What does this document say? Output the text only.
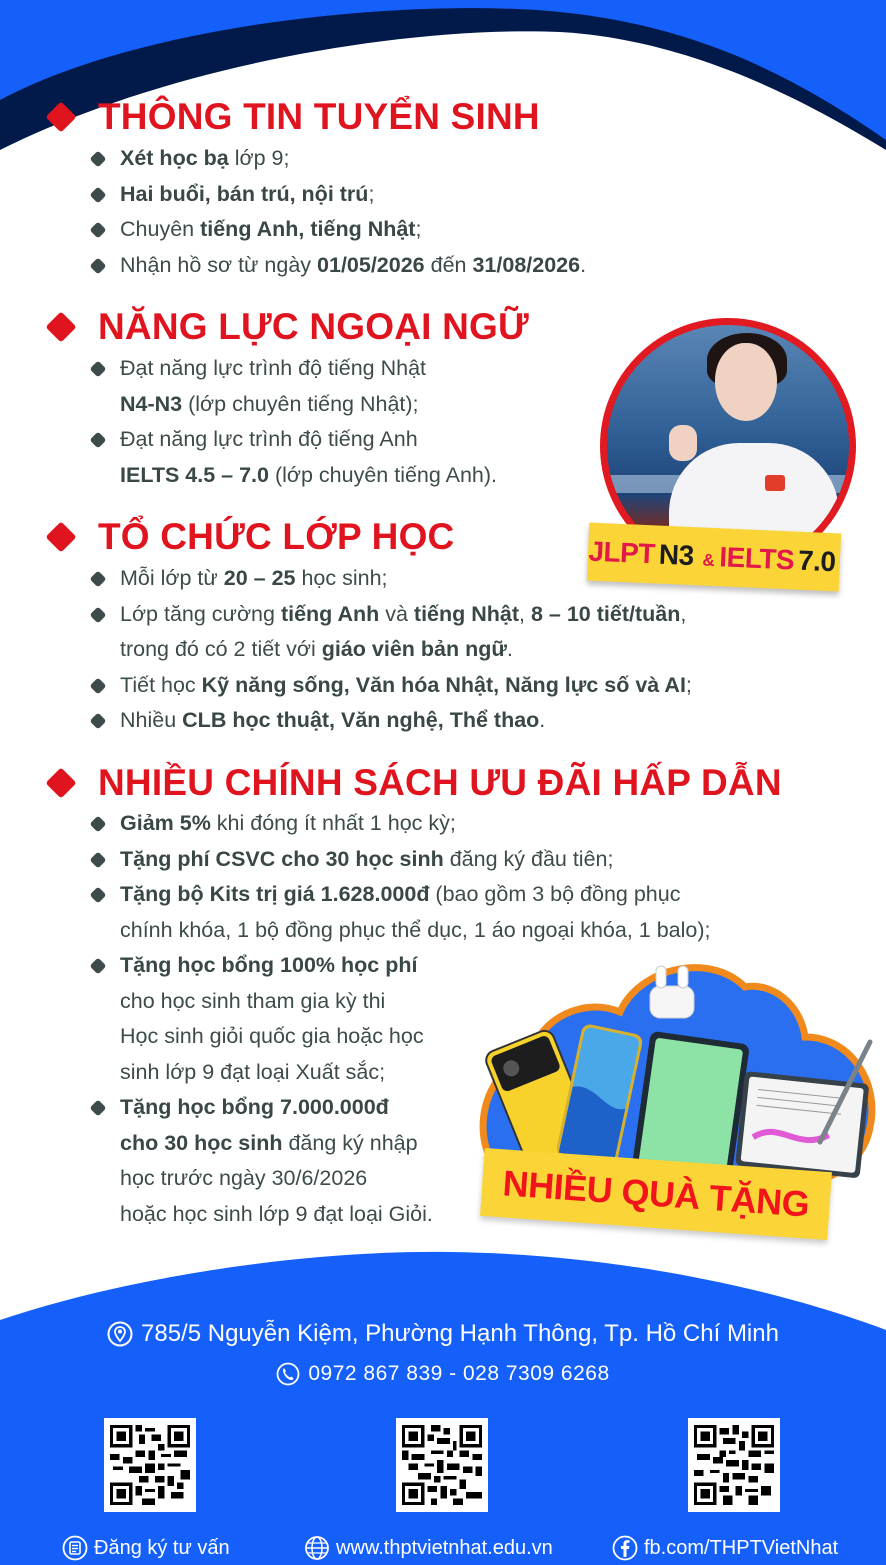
THÔNG TIN TUYỂN SINH
Xét học bạ lớp 9;
Hai buổi, bán trú, nội trú;
Chuyên tiếng Anh, tiếng Nhật;
Nhận hồ sơ từ ngày 01/05/2026 đến 31/08/2026.
NĂNG LỰC NGOẠI NGỮ
Đạt năng lực trình độ tiếng Nhật
N4-N3 (lớp chuyên tiếng Nhật);
Đạt năng lực trình độ tiếng Anh
IELTS 4.5 – 7.0 (lớp chuyên tiếng Anh).
JLPT N3 & IELTS 7.0
TỔ CHỨC LỚP HỌC
Mỗi lớp từ 20 – 25 học sinh;
Lớp tăng cường tiếng Anh và tiếng Nhật, 8 – 10 tiết/tuần,
trong đó có 2 tiết với giáo viên bản ngữ.
Tiết học Kỹ năng sống, Văn hóa Nhật, Năng lực số và AI;
Nhiều CLB học thuật, Văn nghệ, Thể thao.
NHIỀU CHÍNH SÁCH ƯU ĐÃI HẤP DẪN
Giảm 5% khi đóng ít nhất 1 học kỳ;
Tặng phí CSVC cho 30 học sinh đăng ký đầu tiên;
Tặng bộ Kits trị giá 1.628.000đ (bao gồm 3 bộ đồng phục
chính khóa, 1 bộ đồng phục thể dục, 1 áo ngoại khóa, 1 balo);
Tặng học bổng 100% học phí
cho học sinh tham gia kỳ thi
Học sinh giỏi quốc gia hoặc học
sinh lớp 9 đạt loại Xuất sắc;
Tặng học bổng 7.000.000đ
cho 30 học sinh đăng ký nhập
học trước ngày 30/6/2026
hoặc học sinh lớp 9 đạt loại Giỏi.	NHIỀU QUÀ TẶNG
785/5 Nguyễn Kiệm, Phường Hạnh Thông, Tp. Hồ Chí Minh
0972 867 839 - 028 7309 6268
Đăng ký tư vấn	www.thptvietnhat.edu.vn	fb.com/THPTVietNhat
